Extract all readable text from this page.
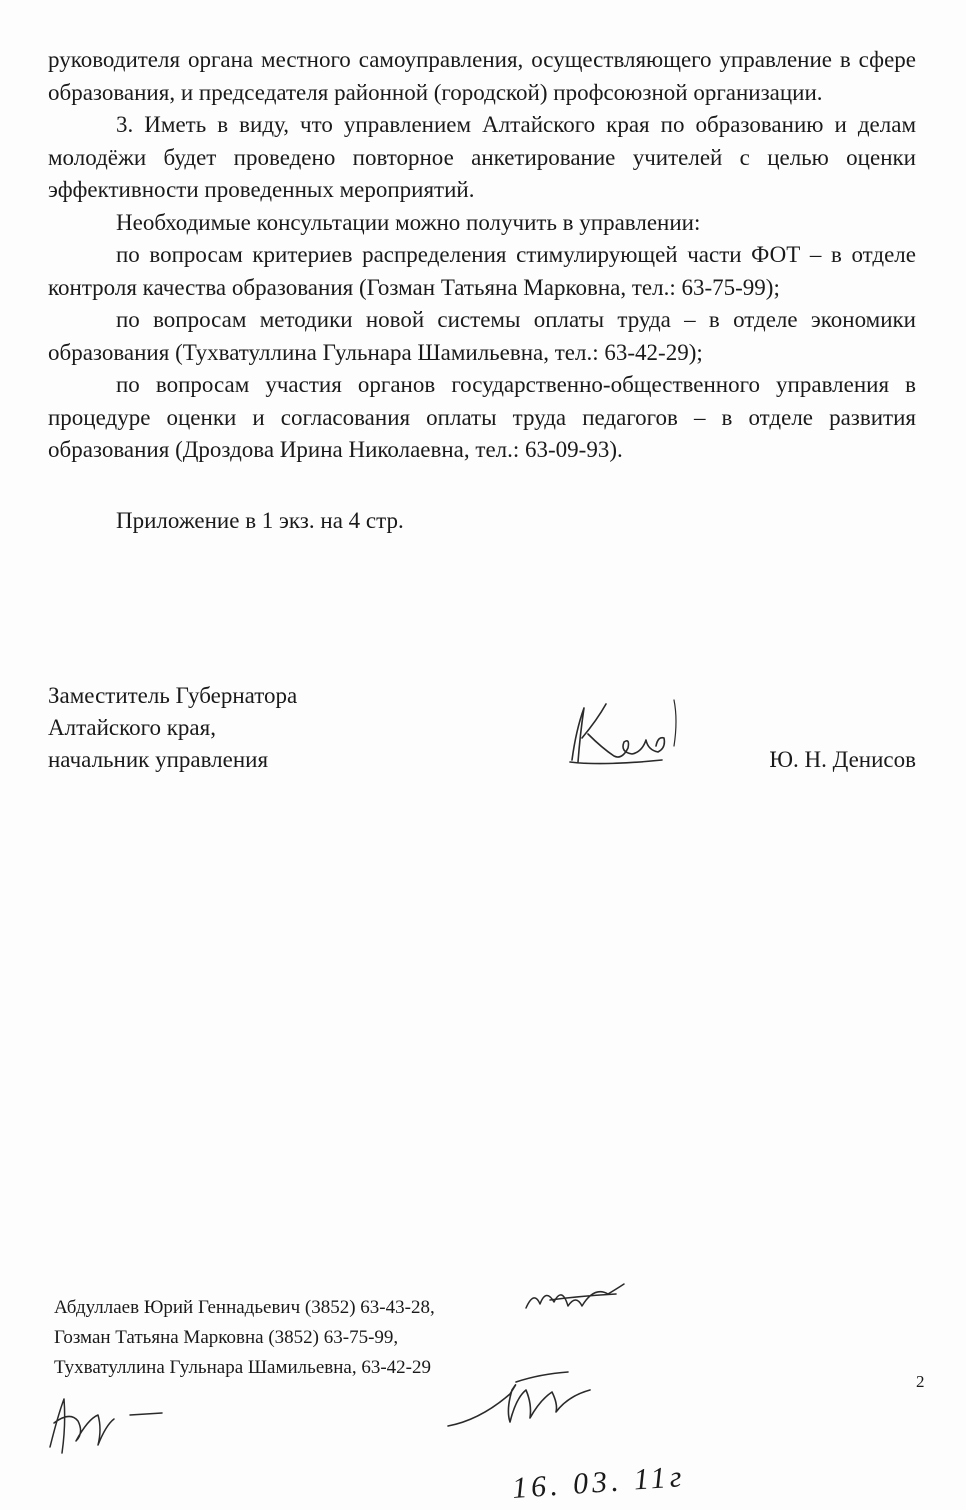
руководителя органа местного самоуправления, осуществляющего управление в сфере образования, и председателя районной (городской) профсоюзной организации.

3. Иметь в виду, что управлением Алтайского края по образованию и делам молодёжи будет проведено повторное анкетирование учителей с целью оценки эффективности проведенных мероприятий.

Необходимые консультации можно получить в управлении:

по вопросам критериев распределения стимулирующей части ФОТ – в отделе контроля качества образования (Гозман Татьяна Марковна, тел.: 63-75-99);

по вопросам методики новой системы оплаты труда – в отделе экономики образования (Тухватуллина Гульнара Шамильевна, тел.: 63-42-29);

по вопросам участия органов государственно-общественного управления в процедуре оценки и согласования оплаты труда педагогов – в отделе развития образования (Дроздова Ирина Николаевна, тел.: 63-09-93).

Приложение в 1 экз. на 4 стр.

Заместитель Губернатора
Алтайского края,
начальник управления	Ю. Н. Денисов
Абдуллаев Юрий Геннадьевич (3852) 63-43-28,
Гозман Татьяна Марковна (3852) 63-75-99,
Тухватуллина Гульнара Шамильевна, 63-42-29
2
16. 03. 11г
